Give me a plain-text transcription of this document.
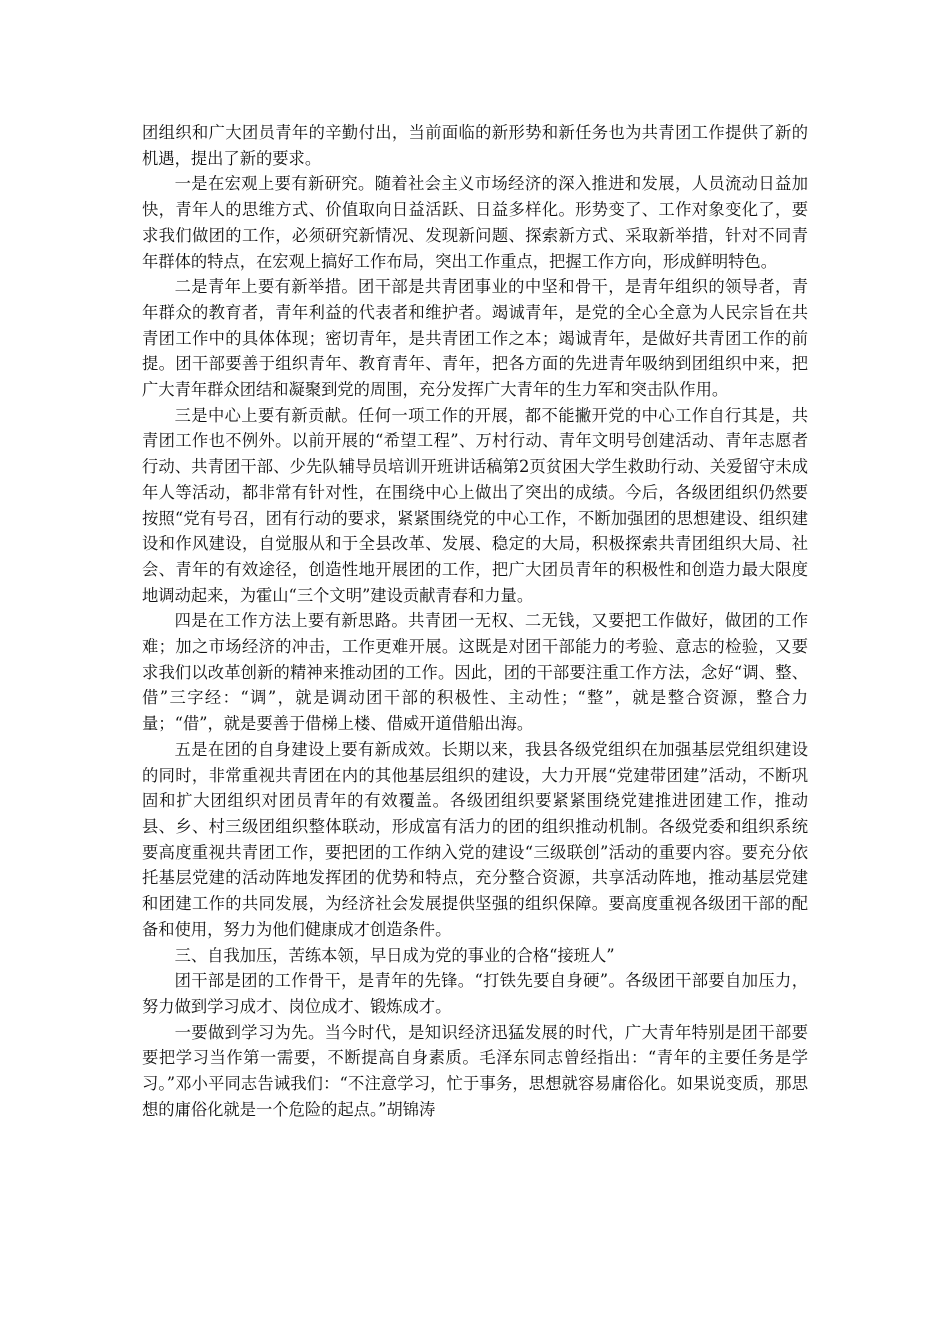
团组织和广大团员青年的辛勤付出，当前面临的新形势和新任务也为共青团工作提供了新的机遇，提出了新的要求。

一是在宏观上要有新研究。随着社会主义市场经济的深入推进和发展，人员流动日益加快，青年人的思维方式、价值取向日益活跃、日益多样化。形势变了、工作对象变化了，要求我们做团的工作，必须研究新情况、发现新问题、探索新方式、采取新举措，针对不同青年群体的特点，在宏观上搞好工作布局，突出工作重点，把握工作方向，形成鲜明特色。

二是青年上要有新举措。团干部是共青团事业的中坚和骨干，是青年组织的领导者，青年群众的教育者，青年利益的代表者和维护者。竭诚青年，是党的全心全意为人民宗旨在共青团工作中的具体体现；密切青年，是共青团工作之本；竭诚青年，是做好共青团工作的前提。团干部要善于组织青年、教育青年、青年，把各方面的先进青年吸纳到团组织中来，把广大青年群众团结和凝聚到党的周围，充分发挥广大青年的生力军和突击队作用。

三是中心上要有新贡献。任何一项工作的开展，都不能撇开党的中心工作自行其是，共青团工作也不例外。以前开展的“希望工程”、万村行动、青年文明号创建活动、青年志愿者行动、共青团干部、少先队辅导员培训开班讲话稿第2页贫困大学生救助行动、关爱留守未成年人等活动，都非常有针对性，在围绕中心上做出了突出的成绩。今后，各级团组织仍然要按照“党有号召，团有行动的要求，紧紧围绕党的中心工作，不断加强团的思想建设、组织建设和作风建设，自觉服从和于全县改革、发展、稳定的大局，积极探索共青团组织大局、社会、青年的有效途径，创造性地开展团的工作，把广大团员青年的积极性和创造力最大限度地调动起来，为霍山“三个文明”建设贡献青春和力量。

四是在工作方法上要有新思路。共青团一无权、二无钱，又要把工作做好，做团的工作难；加之市场经济的冲击，工作更难开展。这既是对团干部能力的考验、意志的检验，又要求我们以改革创新的精神来推动团的工作。因此，团的干部要注重工作方法，念好“调、整、借”三字经：“调”，就是调动团干部的积极性、主动性；“整”，就是整合资源，整合力量；“借”，就是要善于借梯上楼、借威开道借船出海。

五是在团的自身建设上要有新成效。长期以来，我县各级党组织在加强基层党组织建设的同时，非常重视共青团在内的其他基层组织的建设，大力开展“党建带团建”活动，不断巩固和扩大团组织对团员青年的有效覆盖。各级团组织要紧紧围绕党建推进团建工作，推动县、乡、村三级团组织整体联动，形成富有活力的团的组织推动机制。各级党委和组织系统要高度重视共青团工作，要把团的工作纳入党的建设“三级联创”活动的重要内容。要充分依托基层党建的活动阵地发挥团的优势和特点，充分整合资源，共享活动阵地，推动基层党建和团建工作的共同发展，为经济社会发展提供坚强的组织保障。要高度重视各级团干部的配备和使用，努力为他们健康成才创造条件。

三、自我加压，苦练本领，早日成为党的事业的合格“接班人”

团干部是团的工作骨干，是青年的先锋。“打铁先要自身硬”。各级团干部要自加压力，努力做到学习成才、岗位成才、锻炼成才。

一要做到学习为先。当今时代，是知识经济迅猛发展的时代，广大青年特别是团干部要要把学习当作第一需要，不断提高自身素质。毛泽东同志曾经指出：“青年的主要任务是学习。”邓小平同志告诫我们：“不注意学习，忙于事务，思想就容易庸俗化。如果说变质，那思想的庸俗化就是一个危险的起点。”胡锦涛
